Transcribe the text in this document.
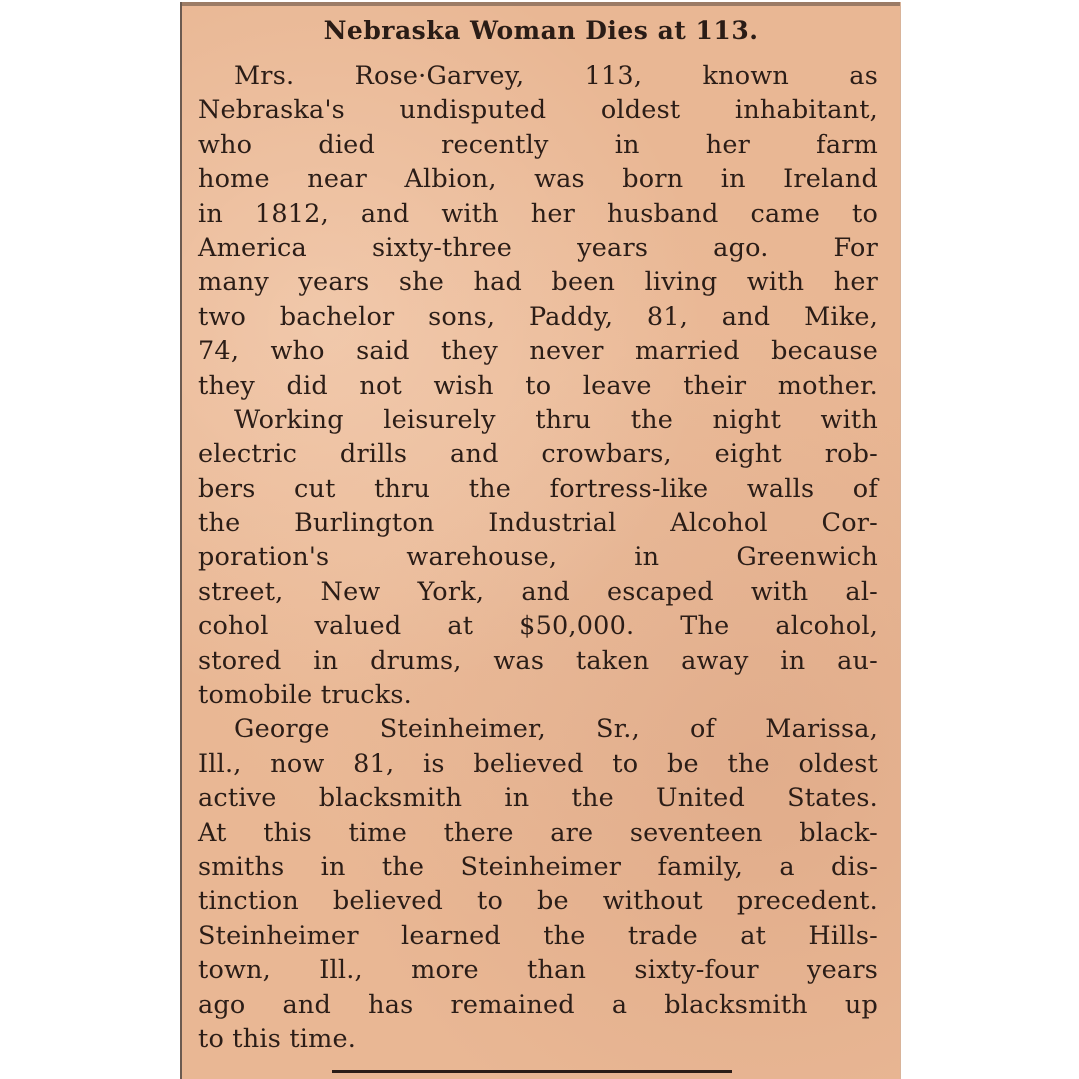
Nebraska Woman Dies at 113.
Mrs. Rose·Garvey, 113, known as
Nebraska's undisputed oldest inhabitant,
who died recently in her farm
home near Albion, was born in Ireland
in 1812, and with her husband came to
America sixty-three years ago. For
many years she had been living with her
two bachelor sons, Paddy, 81, and Mike,
74, who said they never married because
they did not wish to leave their mother.
Working leisurely thru the night with
electric drills and crowbars, eight rob-
bers cut thru the fortress-like walls of
the Burlington Industrial Alcohol Cor-
poration's warehouse, in Greenwich
street, New York, and escaped with al-
cohol valued at $50,000. The alcohol,
stored in drums, was taken away in au-
tomobile trucks.
George Steinheimer, Sr., of Marissa,
Ill., now 81, is believed to be the oldest
active blacksmith in the United States.
At this time there are seventeen black-
smiths in the Steinheimer family, a dis-
tinction believed to be without precedent.
Steinheimer learned the trade at Hills-
town, Ill., more than sixty-four years
ago and has remained a blacksmith up
to this time.
